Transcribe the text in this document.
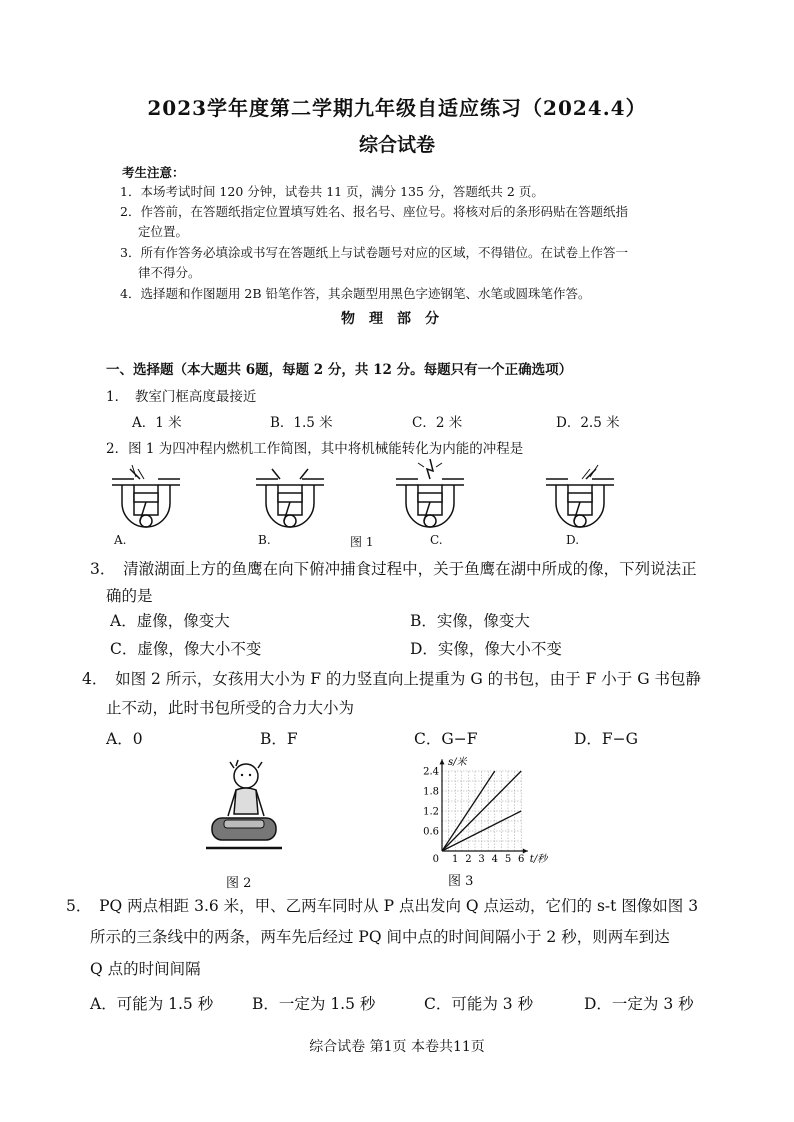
2023学年度第二学期九年级自适应练习（2024.4）
综合试卷
考生注意：
1．本场考试时间 120 分钟，试卷共 11 页，满分 135 分，答题纸共 2 页。
2．作答前，在答题纸指定位置填写姓名、报名号、座位号。将核对后的条形码贴在答题纸指
定位置。
3．所有作答务必填涂或书写在答题纸上与试卷题号对应的区域，不得错位。在试卷上作答一
律不得分。
4．选择题和作图题用 2B 铅笔作答，其余题型用黑色字迹钢笔、水笔或圆珠笔作答。
物理部分
一、选择题（本大题共 6题，每题 2 分，共 12 分。每题只有一个正确选项）
1．　教室门框高度最接近
A．1 米	B．1.5 米	C．2 米	D．2.5 米
2．图 1 为四冲程内燃机工作简图，其中将机械能转化为内能的冲程是
A.	B.	图 1	C.	D.
3．　清澈湖面上方的鱼鹰在向下俯冲捕食过程中，关于鱼鹰在湖中所成的像，下列说法正
确的是
A．虚像，像变大	B．实像，像变大
C．虚像，像大小不变	D．实像，像大小不变
4．　如图 2 所示，女孩用大小为 F 的力竖直向上提重为 G 的书包，由于 F 小于 G 书包静
止不动，此时书包所受的合力大小为
A．0	B．F	C．G−F	D．F−G
图 2
1 2 3 4 5 6
0.6
1.2
1.8
2.4
0
s/米
t/秒
图 3
5．　PQ 两点相距 3.6 米，甲、乙两车同时从 P 点出发向 Q 点运动，它们的 s-t 图像如图 3
所示的三条线中的两条，两车先后经过 PQ 间中点的时间间隔小于 2 秒，则两车到达
Q 点的时间间隔
A．可能为 1.5 秒	B．一定为 1.5 秒	C．可能为 3 秒	D．一定为 3 秒
综合试卷 第1页 本卷共11页
